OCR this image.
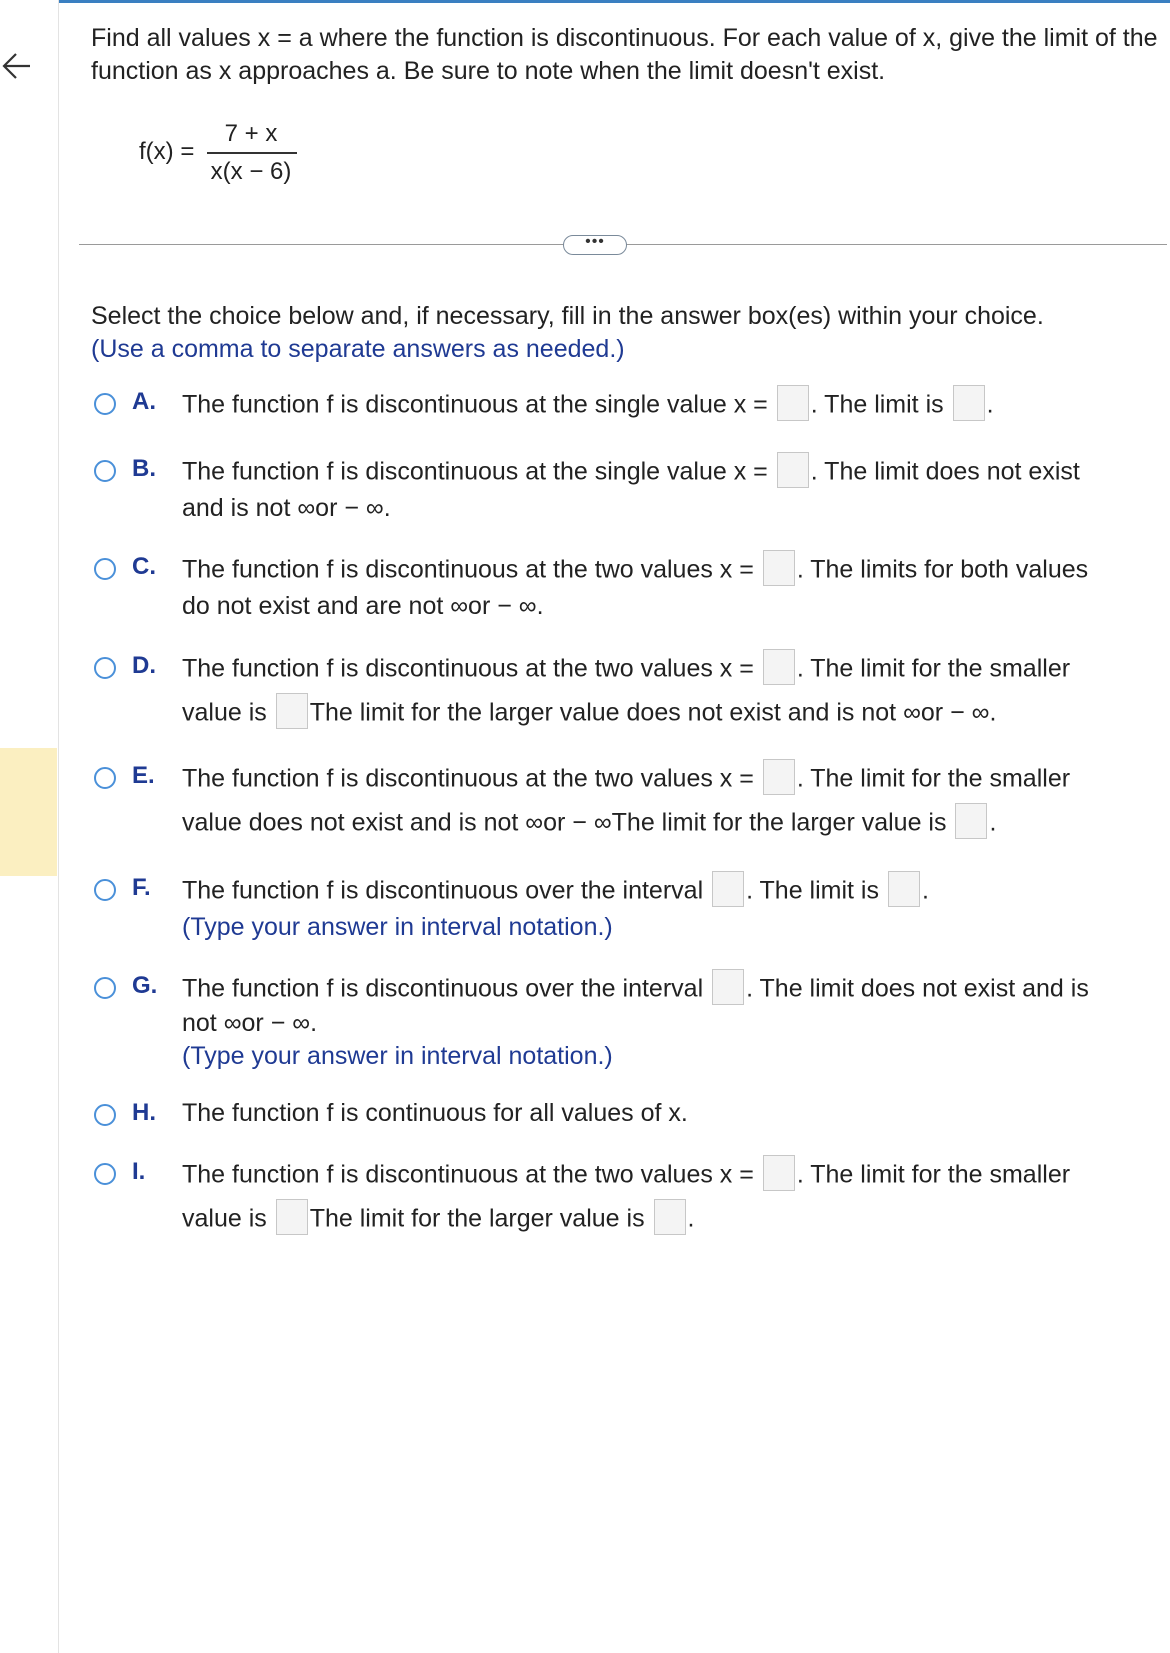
Find all values x = a where the function is discontinuous. For each value of x, give the limit of the function as x approaches a. Be sure to note when the limit doesn't exist.
f(x) =
7 + x
x(x − 6)
•••
Select the choice below and, if necessary, fill in the answer box(es) within your choice.
(Use a comma to separate answers as needed.)
A. The function f is discontinuous at the single value x = . The limit is .
B. The function f is discontinuous at the single value x = . The limit does not exist
and is not ∞or − ∞.
C. The function f is discontinuous at the two values x = . The limits for both values
do not exist and are not ∞or − ∞.
D. The function f is discontinuous at the two values x = . The limit for the smaller
value is The limit for the larger value does not exist and is not ∞or − ∞.
E. The function f is discontinuous at the two values x = . The limit for the smaller
value does not exist and is not ∞or − ∞The limit for the larger value is .
F. The function f is discontinuous over the interval . The limit is .
(Type your answer in interval notation.)
G. The function f is discontinuous over the interval . The limit does not exist and is
not ∞or − ∞.
(Type your answer in interval notation.)
H. The function f is continuous for all values of x.
I. The function f is discontinuous at the two values x = . The limit for the smaller
value is The limit for the larger value is .
